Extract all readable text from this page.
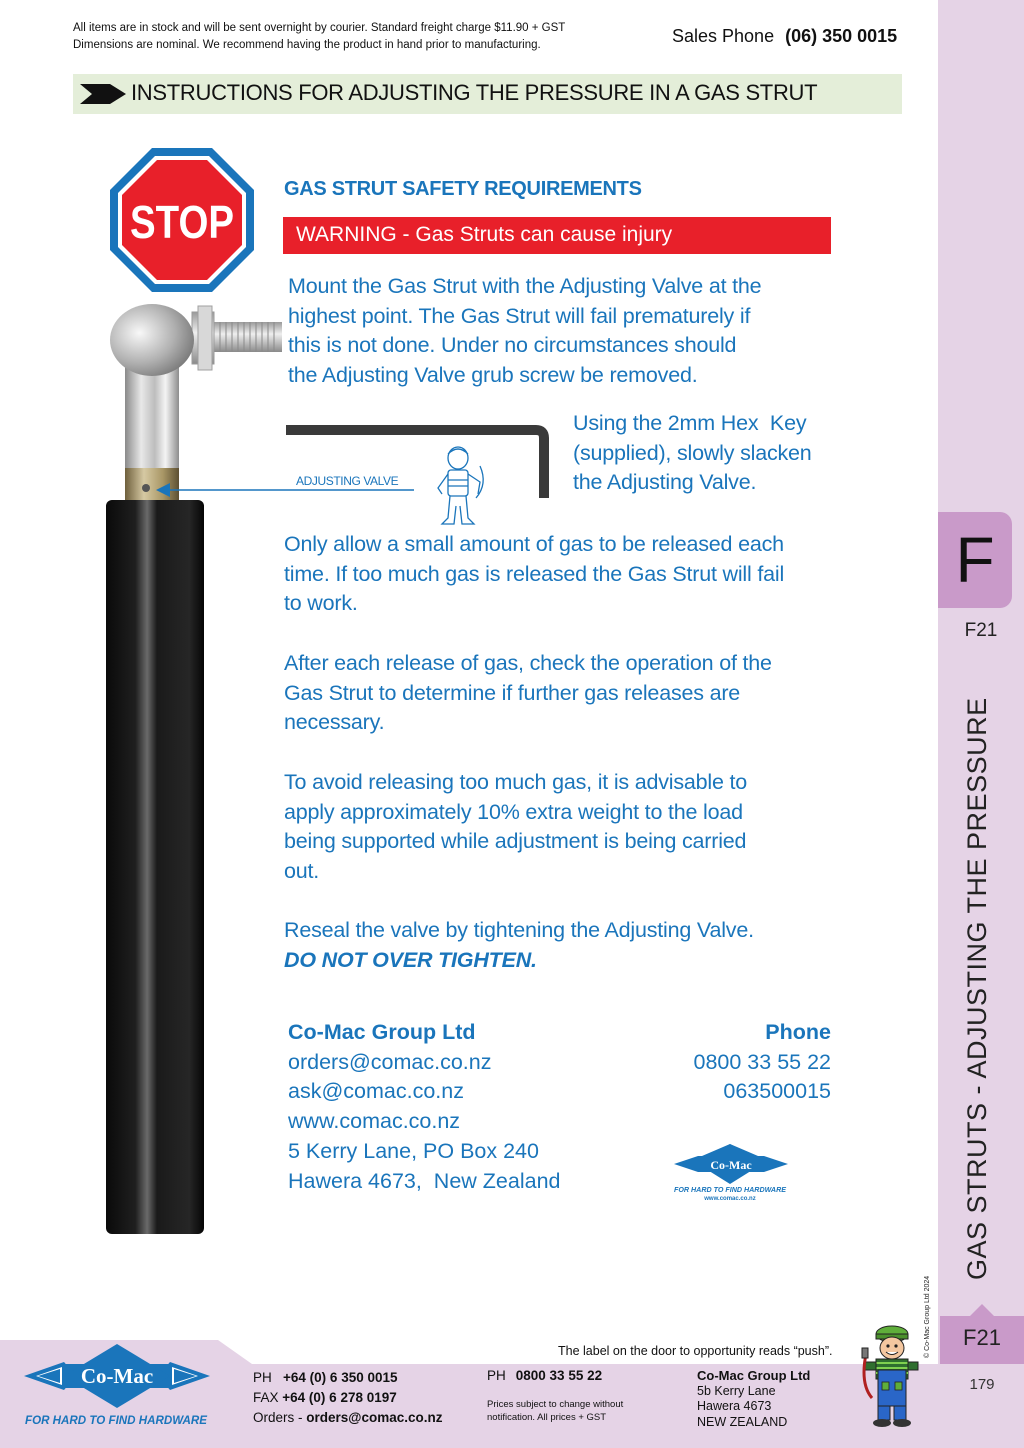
F
F21
GAS STRUTS - ADJUSTING THE PRESSURE
© Co-Mac Group Ltd 2024	F21
179
All items are in stock and will be sent overnight by courier. Standard freight charge $11.90 + GST
Dimensions are nominal. We recommend having the product in hand prior to manufacturing.	Sales Phone (06) 350 0015
INSTRUCTIONS FOR ADJUSTING THE PRESSURE IN A GAS STRUT
STOP
ADJUSTING VALVE
GAS STRUT SAFETY REQUIREMENTS
WARNING - Gas Struts can cause injury
Mount the Gas Strut with the Adjusting Valve at the
highest point. The Gas Strut will fail prematurely if
this is not done. Under no circumstances should
the Adjusting Valve grub screw be removed.
Using the 2mm Hex  Key
(supplied), slowly slacken
the Adjusting Valve.
Only allow a small amount of gas to be released each
time. If too much gas is released the Gas Strut will fail
to work.
After each release of gas, check the operation of the
Gas Strut to determine if further gas releases are
necessary.
To avoid releasing too much gas, it is advisable to
apply approximately 10% extra weight to the load
being supported while adjustment is being carried
out.
Reseal the valve by tightening the Adjusting Valve.
DO NOT OVER TIGHTEN.
Co-Mac Group Ltd
orders@comac.co.nz
ask@comac.co.nz
www.comac.co.nz
5 Kerry Lane, PO Box 240
Hawera 4673,  New Zealand
Phone
0800 33 55 22
063500015
Co-Mac
FOR HARD TO FIND HARDWARE
www.comac.co.nz
The label on the door to opportunity reads “push”.
Co-Mac
FOR HARD TO FIND HARDWARE
PH +64 (0) 6 350 0015
FAX +64 (0) 6 278 0197
Orders - orders@comac.co.nz
PH 0800 33 55 22
Prices subject to change without
notification. All prices + GST
Co-Mac Group Ltd
5b Kerry Lane
Hawera 4673
NEW ZEALAND
